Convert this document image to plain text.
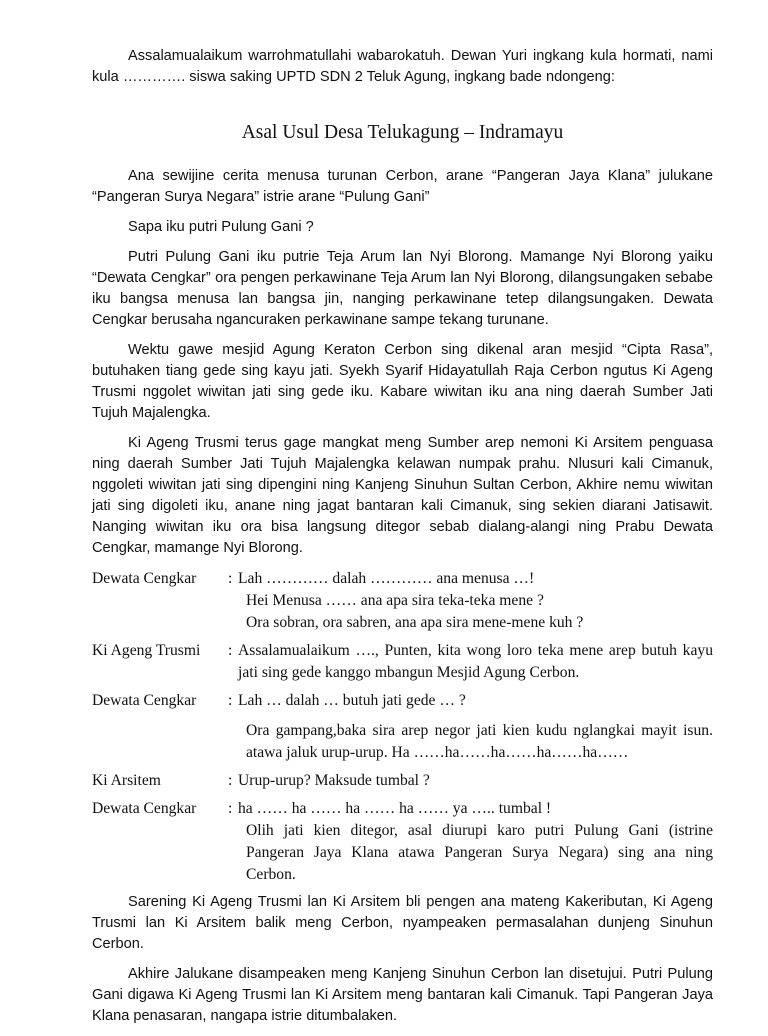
Assalamualaikum warrohmatullahi wabarokatuh. Dewan Yuri ingkang kula hormati, nami kula …………. siswa saking UPTD SDN 2 Teluk Agung, ingkang bade ndongeng:

Asal Usul Desa Telukagung – Indramayu

Ana sewijine cerita menusa turunan Cerbon, arane “Pangeran Jaya Klana” julukane “Pangeran Surya Negara” istrie arane “Pulung Gani”

Sapa iku putri Pulung Gani ?

Putri Pulung Gani iku putrie Teja Arum lan Nyi Blorong. Mamange Nyi Blorong yaiku “Dewata Cengkar” ora pengen perkawinane Teja Arum lan Nyi Blorong, dilangsungaken sebabe iku bangsa menusa lan bangsa jin, nanging perkawinane tetep dilangsungaken. Dewata Cengkar berusaha ngancuraken perkawinane sampe tekang turunane.

Wektu gawe mesjid Agung Keraton Cerbon sing dikenal aran mesjid “Cipta Rasa”, butuhaken tiang gede sing kayu jati. Syekh Syarif Hidayatullah Raja Cerbon ngutus Ki Ageng Trusmi nggolet wiwitan jati sing gede iku. Kabare wiwitan iku ana ning daerah Sumber Jati Tujuh Majalengka.

Ki Ageng Trusmi terus gage mangkat meng Sumber arep nemoni Ki Arsitem penguasa ning daerah Sumber Jati Tujuh Majalengka kelawan numpak prahu. Nlusuri kali Cimanuk, nggoleti wiwitan jati sing dipengini ning Kanjeng Sinuhun Sultan Cerbon, Akhire nemu wiwitan jati sing digoleti iku, anane ning jagat bantaran kali Cimanuk, sing sekien diarani Jatisawit. Nanging wiwitan iku ora bisa langsung ditegor sebab dialang-alangi ning Prabu Dewata Cengkar, mamange Nyi Blorong.

Dewata Cengkar	: Lah ………… dalah ………… ana menusa …!
Hei Menusa …… ana apa sira teka-teka mene ?
Ora sobran, ora sabren, ana apa sira mene-mene kuh ?
Ki Ageng Trusmi	: Assalamualaikum …., Punten, kita wong loro teka mene arep butuh kayu jati sing gede kanggo mbangun Mesjid Agung Cerbon.
Dewata Cengkar	: Lah … dalah … butuh jati gede … ?
Ora gampang,baka sira arep negor jati kien kudu nglangkai mayit isun. atawa jaluk urup-urup. Ha ……ha……ha……ha……ha……
Ki Arsitem	: Urup-urup? Maksude tumbal ?
Dewata Cengkar	: ha …… ha …… ha …… ha …… ya ….. tumbal !
Olih jati kien ditegor, asal diurupi karo putri Pulung Gani (istrine Pangeran Jaya Klana atawa Pangeran Surya Negara) sing ana ning Cerbon.

Sarening Ki Ageng Trusmi lan Ki Arsitem bli pengen ana mateng Kakeributan, Ki Ageng Trusmi lan Ki Arsitem balik meng Cerbon, nyampeaken permasalahan dunjeng Sinuhun Cerbon.

Akhire Jalukane disampeaken meng Kanjeng Sinuhun Cerbon lan disetujui. Putri Pulung Gani digawa Ki Ageng Trusmi lan Ki Arsitem meng bantaran kali Cimanuk. Tapi Pangeran Jaya Klana penasaran, nangapa istrie ditumbalaken.
